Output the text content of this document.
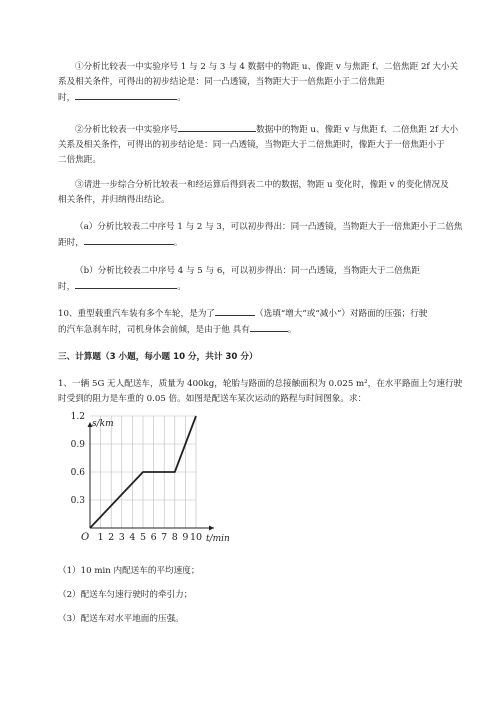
①分析比较表一中实验序号 1 与 2 与 3 与 4 数据中的物距 u、像距 v 与焦距 f、二倍焦距 2f 大小关
系及相关条件，可得出的初步结论是：同一凸透镜，当物距大于一倍焦距小于二倍焦距
时，	。

②分析比较表一中实验序号	数据中的物距 u、像距 v 与焦距 f、二倍焦距 2f 大小
关系及相关条件，可得出的初步结论是：同一凸透镜，当物距大于二倍焦距时，像距大于一倍焦距小于
二倍焦距。

③请进一步综合分析比较表一和经运算后得到表二中的数据，物距 u 变化时，像距 v 的变化情况及
相关条件，并归纳得出结论。

（a）分析比较表二中序号 1 与 2 与 3，可以初步得出：同一凸透镜，当物距大于一倍焦距小于二倍焦
距时，	。

（b）分析比较表二中序号 4 与 5 与 6，可以初步得出：同一凸透镜，当物距大于二倍焦距
时，	。

10、重型载重汽车装有多个车轮，是为了	（选填“增大”或“减小”）对路面的压强；行驶
的汽车急刹车时，司机身体会前倾，是由于他 具有	。

三、计算题（3 小题，每小题 10 分，共计 30 分）

1、一辆 5G 无人配送车，质量为 400kg，轮胎与路面的总接触面积为 0.025 m²，在水平路面上匀速行驶
时受到的阻力是车重的 0.05 倍。如图是配送车某次运动的路程与时间图象。求：

1 2 3 4 5 6 7 8 9 10
0.3
0.6
0.9
1.2
O	t/min
s/km

（1）10 min 内配送车的平均速度；

（2）配送车匀速行驶时的牵引力；

（3）配送车对水平地面的压强。
